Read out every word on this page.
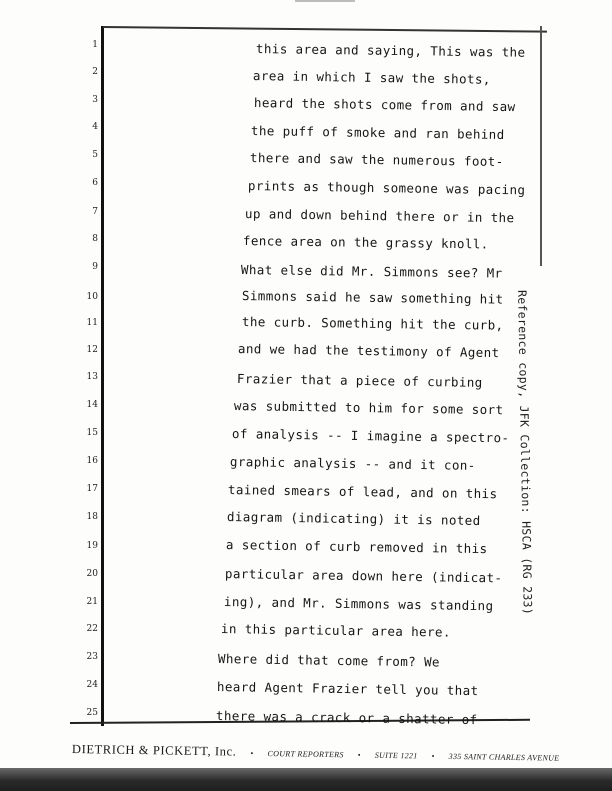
1	this area and saying, This was the
2	area in which I saw the shots,
3	heard the shots come from and saw
4	the puff of smoke and ran behind
5	there and saw the numerous foot-
6	prints as though someone was pacing
7	up and down behind there or in the
8	fence area on the grassy knoll.
9	What else did Mr. Simmons see? Mr
10	Simmons said he saw something hit
11	the curb. Something hit the curb,
12	and we had the testimony of Agent
13	Frazier that a piece of curbing
14	was submitted to him for some sort
15	of analysis -- I imagine a spectro-
16	graphic analysis -- and it con-
17	tained smears of lead, and on this
18	diagram (indicating) it is noted
19	a section of curb removed in this
20	particular area down here (indicat-
21	ing), and Mr. Simmons was standing
22	in this particular area here.
23	Where did that come from? We
24	heard Agent Frazier tell you that
25	there was a crack or a shatter of
Reference copy, JFK Collection: HSCA (RG 233)
DIETRICH & PICKETT, Inc. • COURT REPORTERS • SUITE 1221 • 335 SAINT CHARLES AVENUE
